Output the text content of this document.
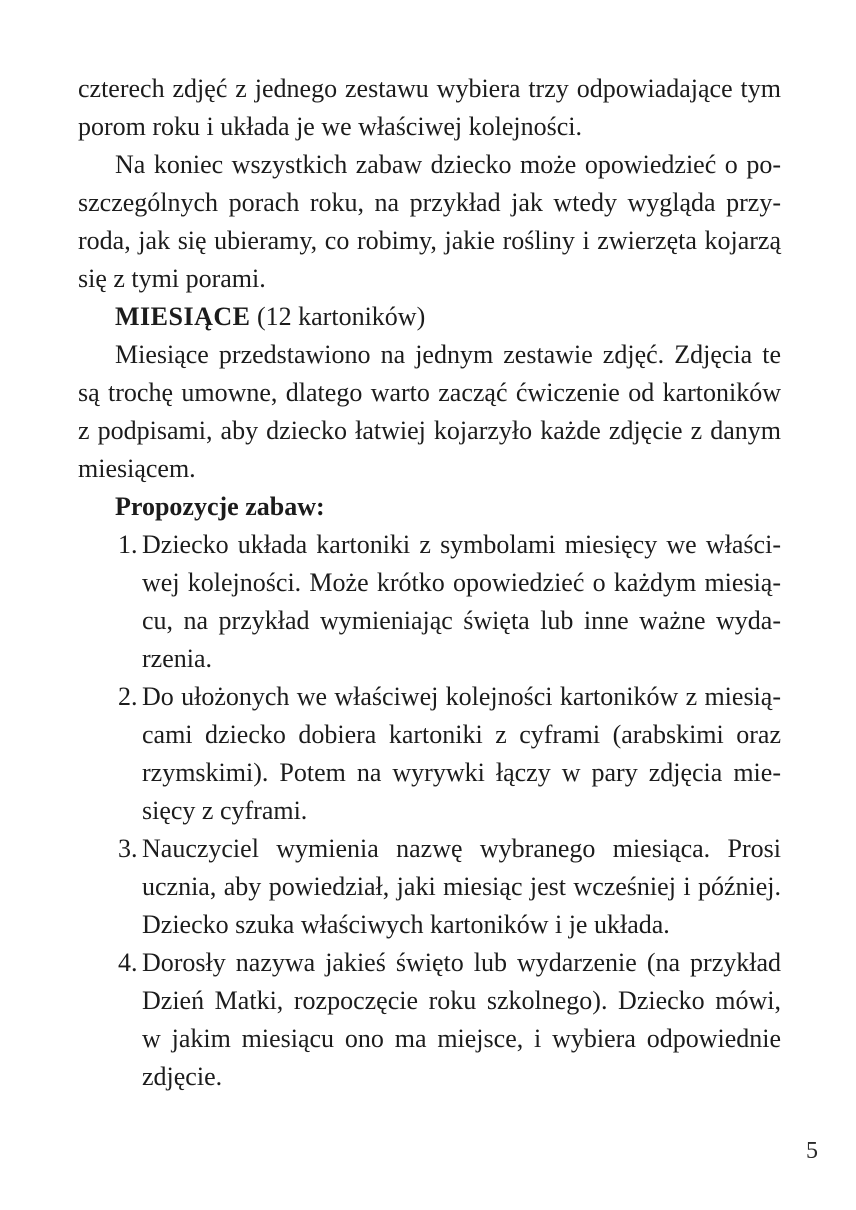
czterech zdjęć z jednego zestawu wybiera trzy odpowiadające tym porom roku i układa je we właściwej kolejności.

Na koniec wszystkich zabaw dziecko może opowiedzieć o poszczególnych porach roku, na przykład jak wtedy wygląda przyroda, jak się ubieramy, co robimy, jakie rośliny i zwierzęta kojarzą się z tymi porami.

MIESIĄCE (12 kartoników)

Miesiące przedstawiono na jednym zestawie zdjęć. Zdjęcia te są trochę umowne, dlatego warto zacząć ćwiczenie od kartoników z podpisami, aby dziecko łatwiej kojarzyło każde zdjęcie z danym miesiącem.

Propozycje zabaw:

1. Dziecko układa kartoniki z symbolami miesięcy we właściwej kolejności. Może krótko opowiedzieć o każdym miesiącu, na przykład wymieniając święta lub inne ważne wydarzenia.
2. Do ułożonych we właściwej kolejności kartoników z miesiącami dziecko dobiera kartoniki z cyframi (arabskimi oraz rzymskimi). Potem na wyrywki łączy w pary zdjęcia miesięcy z cyframi.
3. Nauczyciel wymienia nazwę wybranego miesiąca. Prosi ucznia, aby powiedział, jaki miesiąc jest wcześniej i później. Dziecko szuka właściwych kartoników i je układa.
4. Dorosły nazywa jakieś święto lub wydarzenie (na przykład Dzień Matki, rozpoczęcie roku szkolnego). Dziecko mówi, w jakim miesiącu ono ma miejsce, i wybiera odpowiednie zdjęcie.
5
